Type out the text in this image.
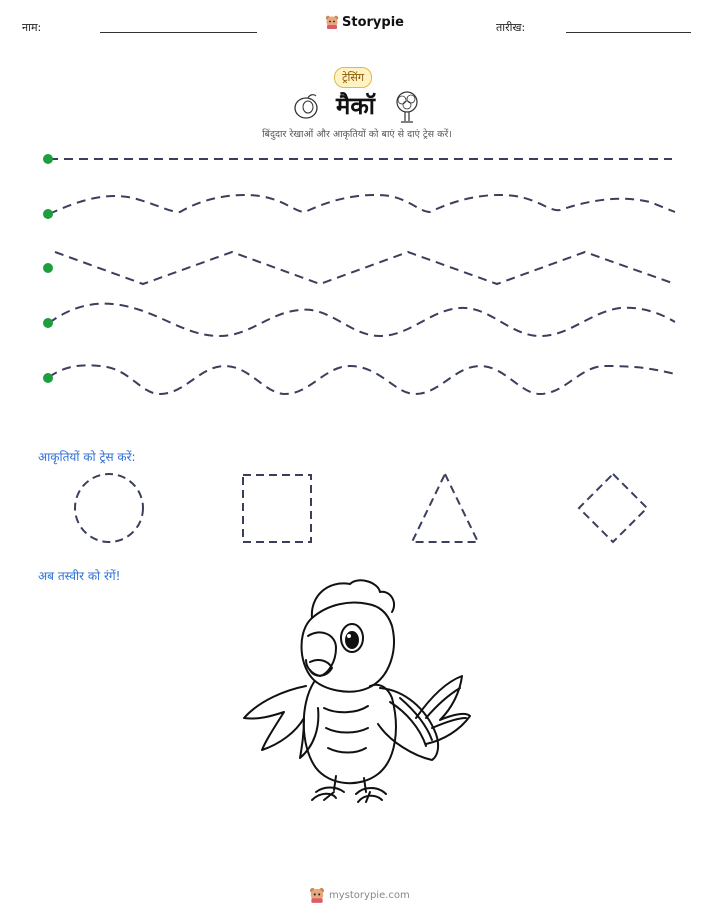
नाम:	Storypie	तारीख:
ट्रेसिंग
मैकॉ
बिंदुदार रेखाओं और आकृतियों को बाएं से दाएं ट्रेस करें।
आकृतियों को ट्रेस करें:
अब तस्वीर को रंगें!
mystorypie.com
